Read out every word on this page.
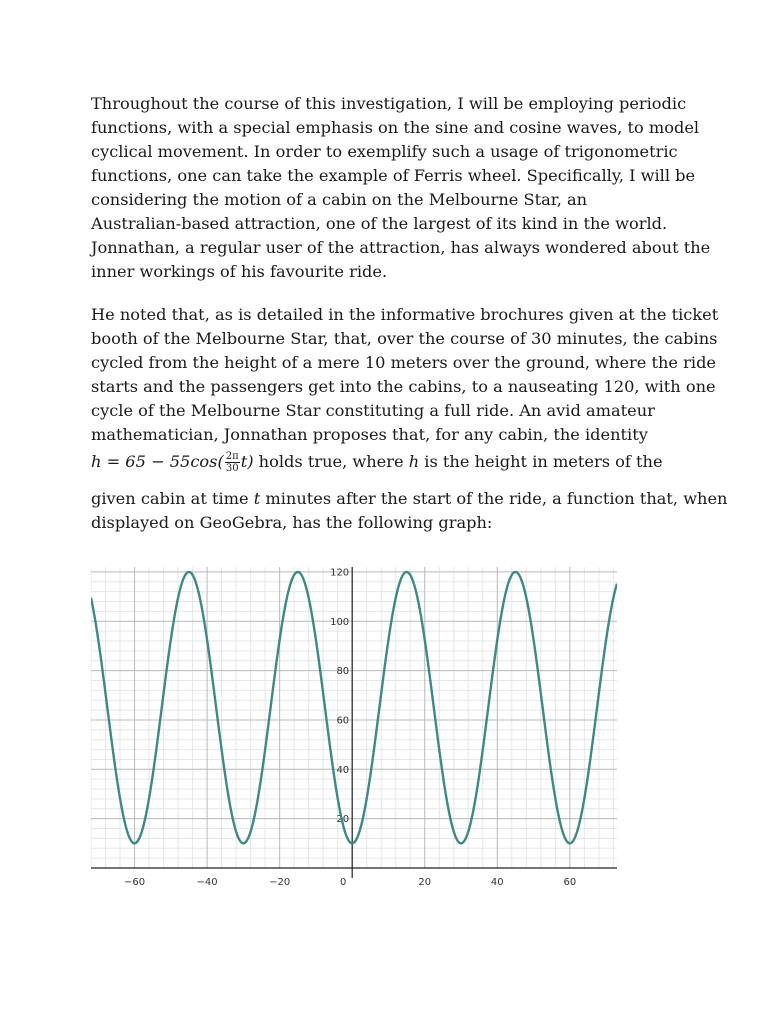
Throughout the course of this investigation, I will be employing periodic
functions, with a special emphasis on the sine and cosine waves, to model
cyclical movement. In order to exemplify such a usage of trigonometric
functions, one can take the example of Ferris wheel. Specifically, I will be
considering the motion of a cabin on the Melbourne Star, an
Australian-based attraction, one of the largest of its kind in the world.
Jonnathan, a regular user of the attraction, has always wondered about the
inner workings of his favourite ride.
He noted that, as is detailed in the informative brochures given at the ticket
booth of the Melbourne Star, that, over the course of 30 minutes, the cabins
cycled from the height of a mere 10 meters over the ground, where the ride
starts and the passengers get into the cabins, to a nauseating 120, with one
cycle of the Melbourne Star constituting a full ride. An avid amateur
mathematician, Jonnathan proposes that, for any cabin, the identity
$h = 65 - 55\cos( \frac{2\pi}{30} t)$ holds true, where h is the height in meters of the
given cabin at time t minutes after the start of the ride, a function that, when
displayed on GeoGebra, has the following graph:
−60	−40	−20	20	40	60
0
20
40
60
80
100
120
